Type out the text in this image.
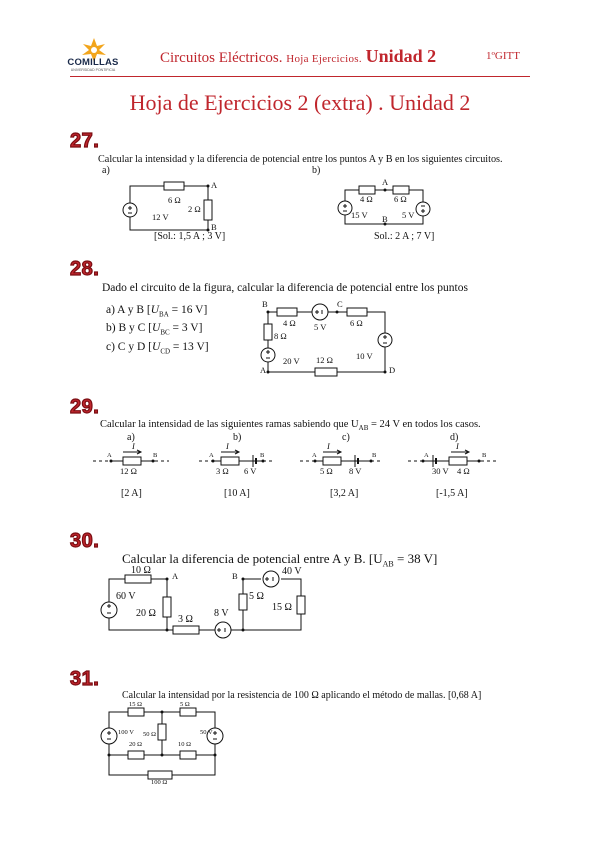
COMILLAS
UNIVERSIDAD PONTIFICIA
Circuitos Eléctricos. Hoja Ejercicios. Unidad 2	1ºGITT
Hoja de Ejercicios 2 (extra) . Unidad 2
27.
Calcular la intensidad y la diferencia de potencial entre los puntos A y B en los siguientes circuitos.
a)	b)
6 Ω
2 Ω
12 V
A
B
[Sol.: 1,5 A ; 3 V]
4 Ω	6 Ω
15 V	5 V
A
B
Sol.: 2 A ; 7 V]
28.
Dado el circuito de la figura, calcular la diferencia de potencial entre los puntos
a) A y B [$U_{BA} = 16$ V]
b) B y C [$U_{BC} = 3$ V]
c) C y D [$U_{CD} = 13$ V]
4 Ω	6 Ω
8 Ω
12 Ω
5 V
20 V	10 V
A
B	C
D
29.
Calcular la intensidad de las siguientes ramas sabiendo que $U_{AB} = 24$ V en todos los casos.
a)	b)	c)	d)
A	B
I
12 Ω
A	B
I
3 Ω 6 V
A	B
I
5 Ω 8 V
A	B
I
30 V 4 Ω
[2 A]	[10 A]	[3,2 A]	[-1,5 A]
30.
Calcular la diferencia de potencial entre A y B. [$U_{AB} = 38$ V]
10 Ω
20 Ω
3 Ω
5 Ω
15 Ω
60 V
8 V
40 V
A	B
31.
Calcular la intensidad por la resistencia de 100 Ω aplicando el método de mallas. [0,68 A]
15 Ω	5 Ω
50 Ω
20 Ω	10 Ω
100 Ω
100 V	50 V
